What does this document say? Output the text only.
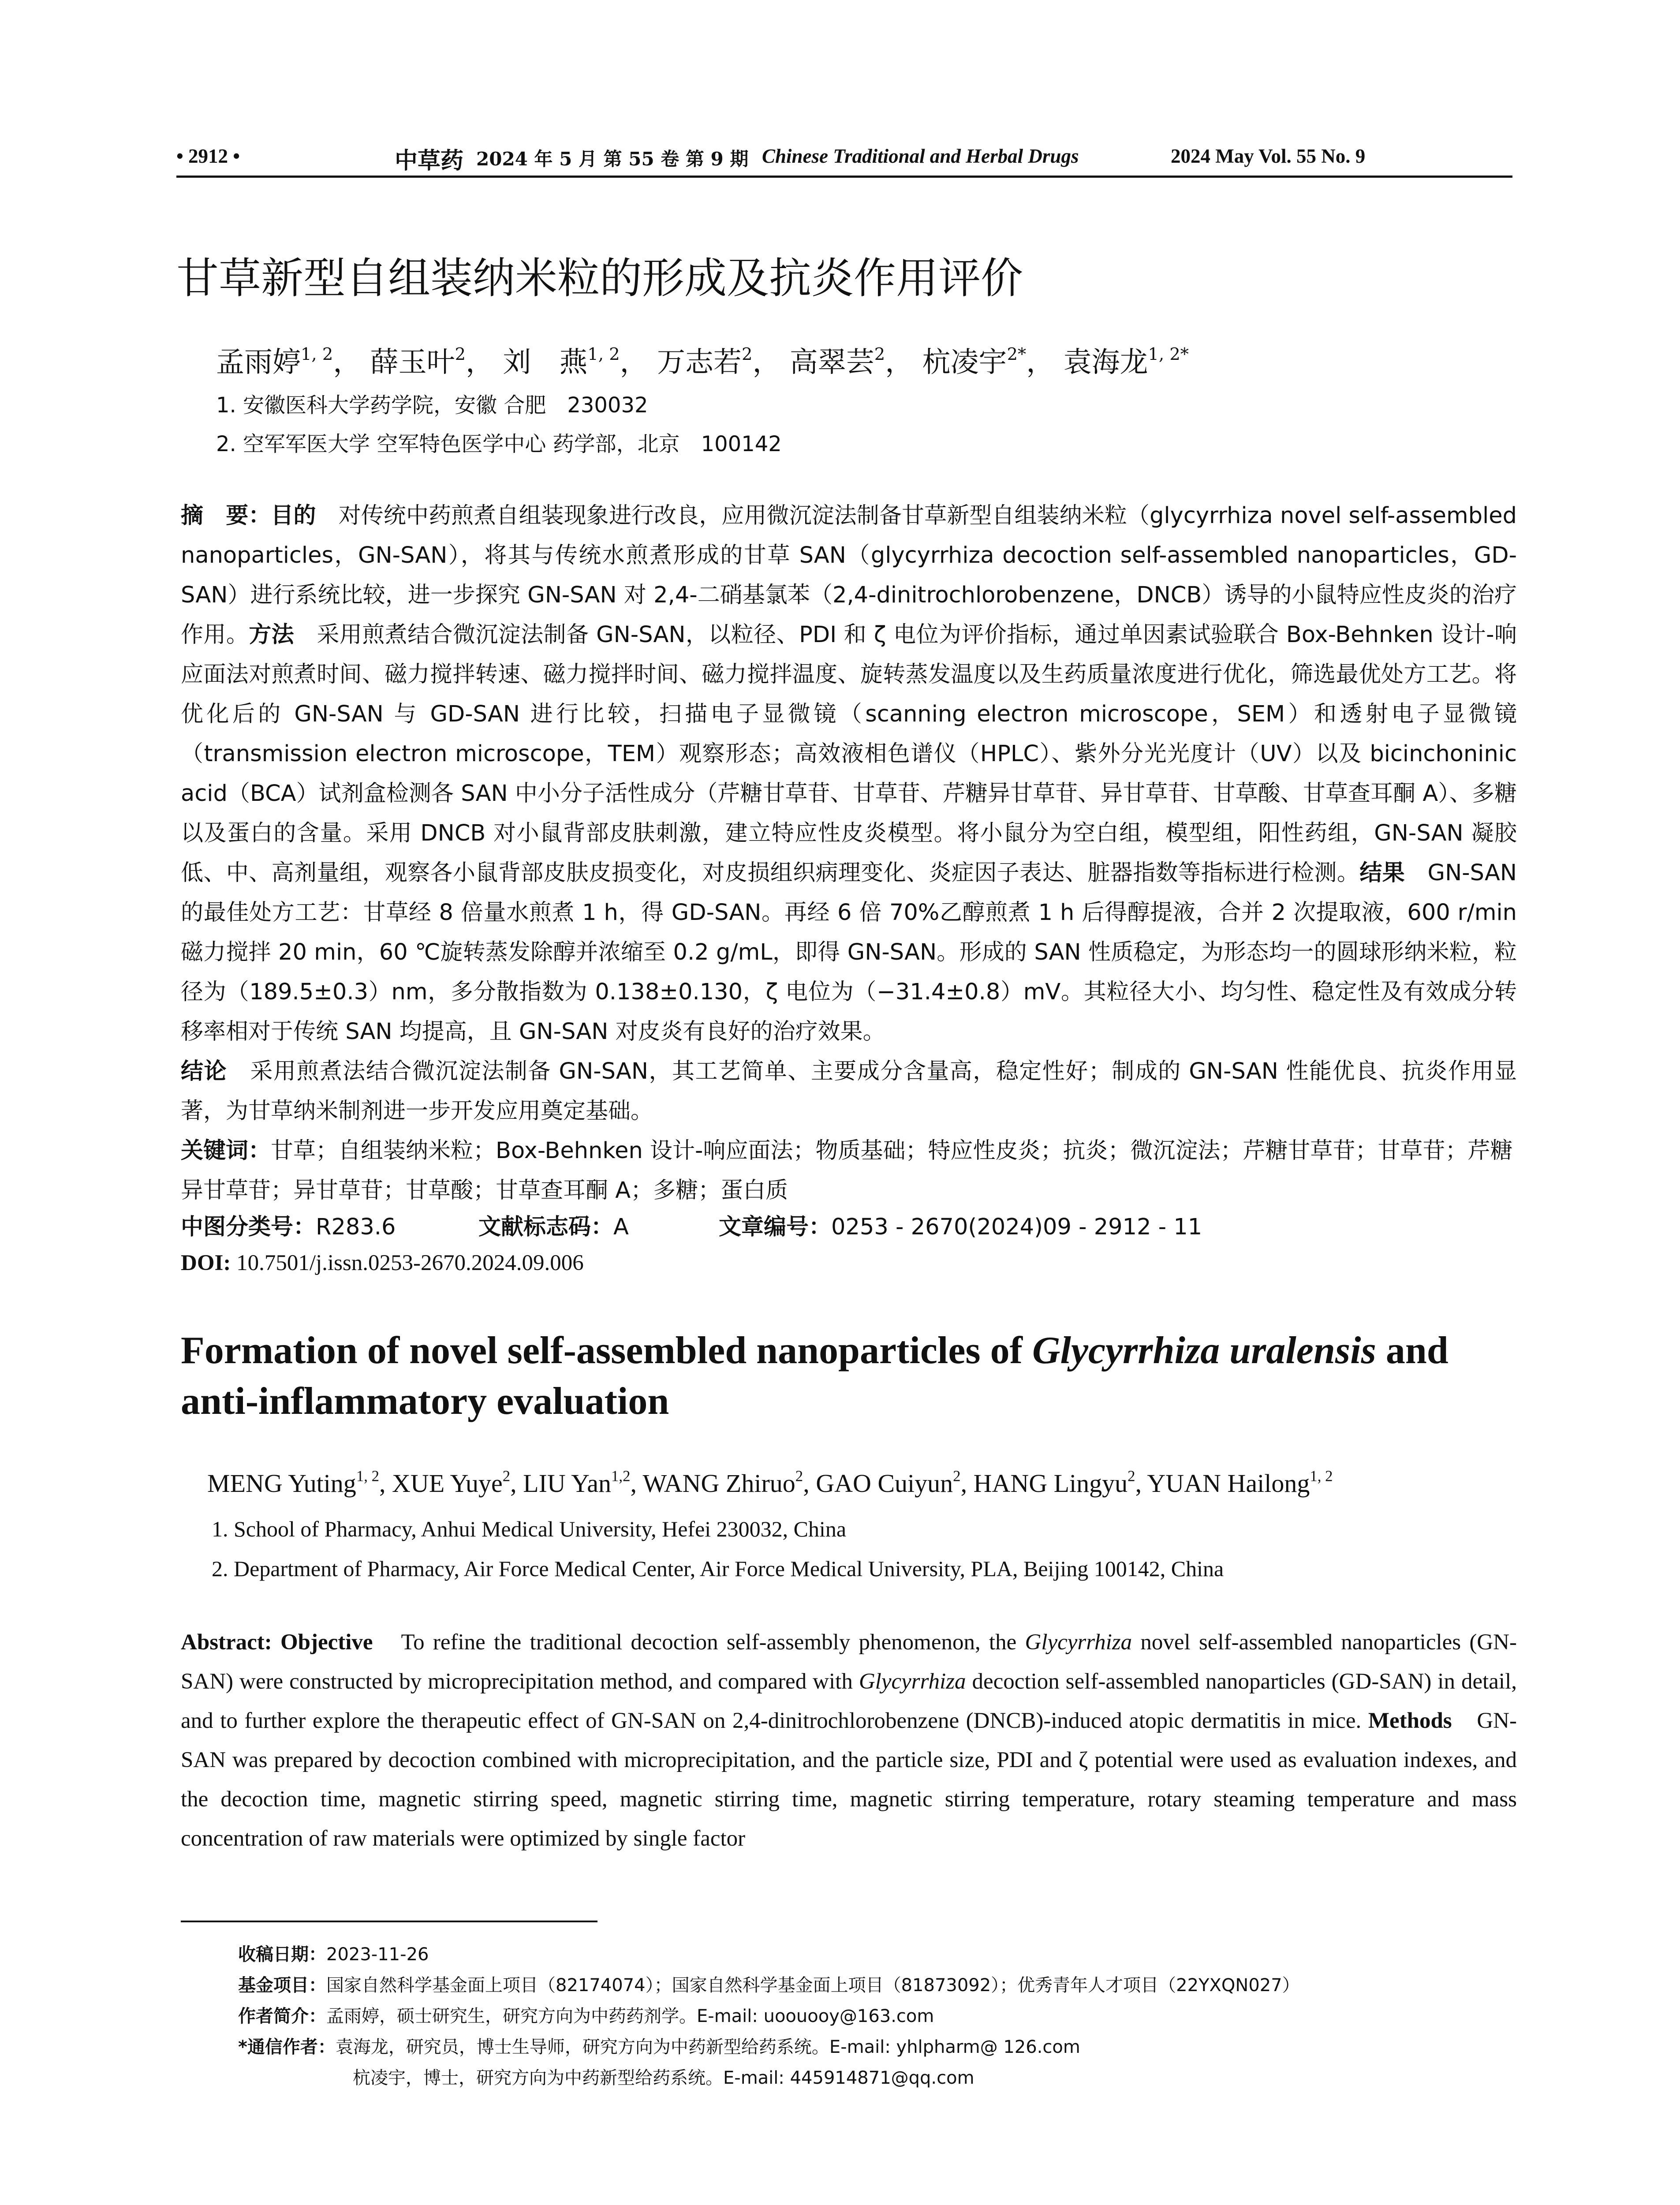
• 2912 •	中草药 2024 年 5 月 第 55 卷 第 9 期 Chinese Traditional and Herbal Drugs	2024 May Vol. 55 No. 9
甘草新型自组装纳米粒的形成及抗炎作用评价
孟雨婷$^{1, 2}$， 薛玉叶$^2$， 刘　燕$^{1, 2}$， 万志若$^2$， 高翠芸$^2$， 杭凌宇$^{2*}$， 袁海龙$^{1, 2*}$
1. 安徽医科大学药学院，安徽 合肥　230032
2. 空军军医大学 空军特色医学中心 药学部，北京　100142
摘　要：目的　对传统中药煎煮自组装现象进行改良，应用微沉淀法制备甘草新型自组装纳米粒（glycyrrhiza novel self-assembled nanoparticles，GN-SAN），将其与传统水煎煮形成的甘草 SAN（glycyrrhiza decoction self-assembled nanoparticles，GD-SAN）进行系统比较，进一步探究 GN-SAN 对 2,4-二硝基氯苯（2,4-dinitrochlorobenzene，DNCB）诱导的小鼠特应性皮炎的治疗作用。方法　采用煎煮结合微沉淀法制备 GN-SAN，以粒径、PDI 和 ζ 电位为评价指标，通过单因素试验联合 Box-Behnken 设计-响应面法对煎煮时间、磁力搅拌转速、磁力搅拌时间、磁力搅拌温度、旋转蒸发温度以及生药质量浓度进行优化，筛选最优处方工艺。将优化后的 GN-SAN 与 GD-SAN 进行比较，扫描电子显微镜（scanning electron microscope，SEM）和透射电子显微镜（transmission electron microscope，TEM）观察形态；高效液相色谱仪（HPLC）、紫外分光光度计（UV）以及 bicinchoninic acid（BCA）试剂盒检测各 SAN 中小分子活性成分（芹糖甘草苷、甘草苷、芹糖异甘草苷、异甘草苷、甘草酸、甘草查耳酮 A）、多糖以及蛋白的含量。采用 DNCB 对小鼠背部皮肤刺激，建立特应性皮炎模型。将小鼠分为空白组，模型组，阳性药组，GN-SAN 凝胶低、中、高剂量组，观察各小鼠背部皮肤皮损变化，对皮损组织病理变化、炎症因子表达、脏器指数等指标进行检测。结果　GN-SAN 的最佳处方工艺：甘草经 8 倍量水煎煮 1 h，得 GD-SAN。再经 6 倍 70%乙醇煎煮 1 h 后得醇提液，合并 2 次提取液，600 r/min 磁力搅拌 20 min，60 ℃旋转蒸发除醇并浓缩至 0.2 g/mL，即得 GN-SAN。形成的 SAN 性质稳定，为形态均一的圆球形纳米粒，粒径为（189.5±0.3）nm，多分散指数为 0.138±0.130，ζ 电位为（−31.4±0.8）mV。其粒径大小、均匀性、稳定性及有效成分转移率相对于传统 SAN 均提高，且 GN-SAN 对皮炎有良好的治疗效果。
结论　采用煎煮法结合微沉淀法制备 GN-SAN，其工艺简单、主要成分含量高，稳定性好；制成的 GN-SAN 性能优良、抗炎作用显著，为甘草纳米制剂进一步开发应用奠定基础。
关键词：甘草；自组装纳米粒；Box-Behnken 设计-响应面法；物质基础；特应性皮炎；抗炎；微沉淀法；芹糖甘草苷；甘草苷；芹糖异甘草苷；异甘草苷；甘草酸；甘草查耳酮 A；多糖；蛋白质
中图分类号：R283.6	文献标志码：A	文章编号：0253 - 2670(2024)09 - 2912 - 11
DOI: 10.7501/j.issn.0253-2670.2024.09.006
Formation of novel self-assembled nanoparticles of Glycyrrhiza uralensis and anti-inflammatory evaluation
MENG Yuting$^{1, 2}$, XUE Yuye$^2$, LIU Yan$^{1,2}$, WANG Zhiruo$^2$, GAO Cuiyun$^2$, HANG Lingyu$^2$, YUAN Hailong$^{1, 2}$
1. School of Pharmacy, Anhui Medical University, Hefei 230032, China
2. Department of Pharmacy, Air Force Medical Center, Air Force Medical University, PLA, Beijing 100142, China
Abstract: Objective　To refine the traditional decoction self-assembly phenomenon, the Glycyrrhiza novel self-assembled nanoparticles (GN-SAN) were constructed by microprecipitation method, and compared with Glycyrrhiza decoction self-assembled nanoparticles (GD-SAN) in detail, and to further explore the therapeutic effect of GN-SAN on 2,4-dinitrochlorobenzene (DNCB)-induced atopic dermatitis in mice. Methods　GN-SAN was prepared by decoction combined with microprecipitation, and the particle size, PDI and ζ potential were used as evaluation indexes, and the decoction time, magnetic stirring speed, magnetic stirring time, magnetic stirring temperature, rotary steaming temperature and mass concentration of raw materials were optimized by single factor
收稿日期：2023-11-26
基金项目：国家自然科学基金面上项目（82174074）；国家自然科学基金面上项目（81873092）；优秀青年人才项目（22YXQN027）
作者简介：孟雨婷，硕士研究生，研究方向为中药药剂学。E-mail: uoouooy@163.com
*通信作者：袁海龙，研究员，博士生导师，研究方向为中药新型给药系统。E-mail: yhlpharm@ 126.com
杭凌宇，博士，研究方向为中药新型给药系统。E-mail: 445914871@qq.com
